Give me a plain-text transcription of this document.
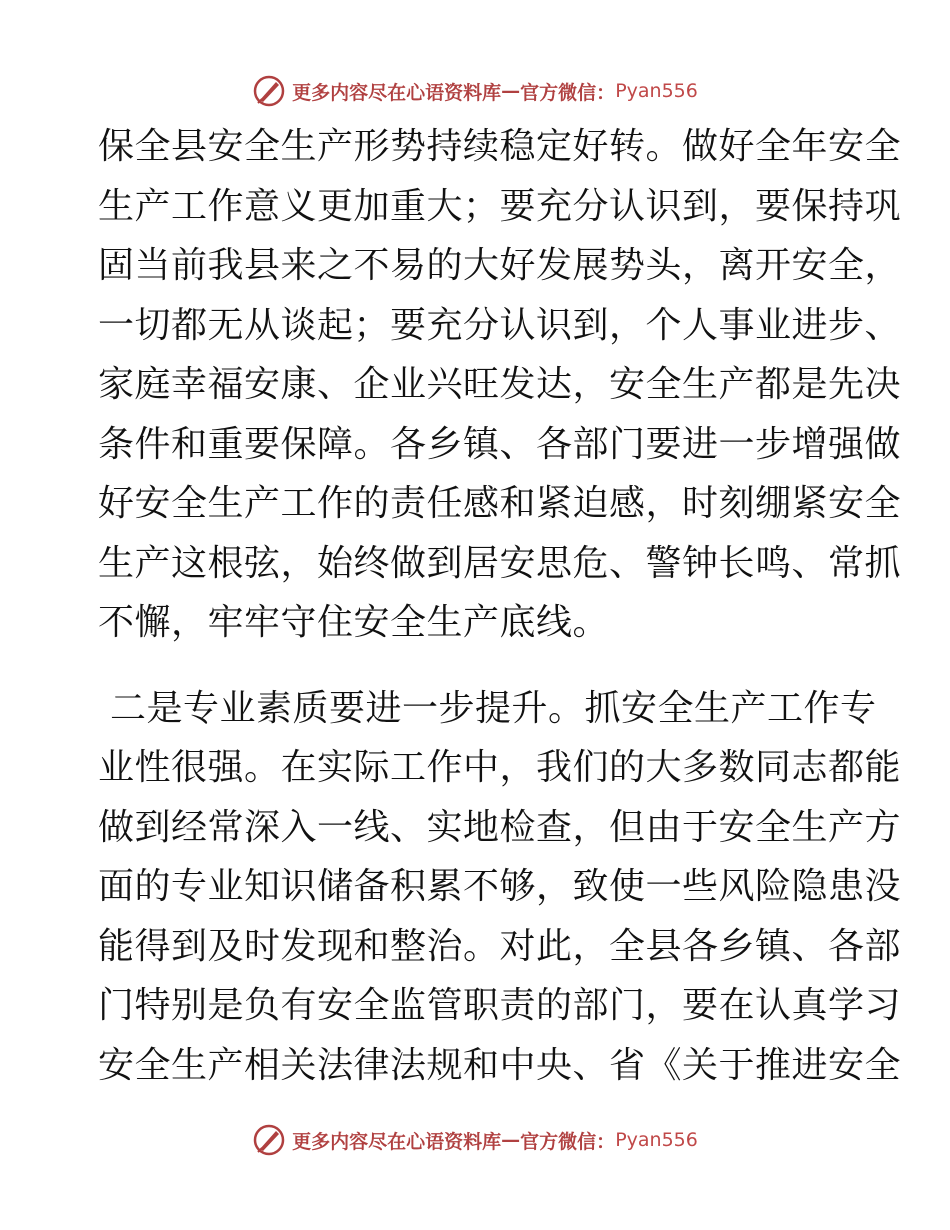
更多内容尽在心语资料库 — 官方微信： Pyan556
保全县安全生产形势持续稳定好转。做好全年安全
生产工作意义更加重大；要充分认识到，要保持巩
固当前我县来之不易的大好发展势头，离开安全，
一切都无从谈起；要充分认识到，个人事业进步、
家庭幸福安康、企业兴旺发达，安全生产都是先决
条件和重要保障。各乡镇、各部门要进一步增强做
好安全生产工作的责任感和紧迫感，时刻绷紧安全
生产这根弦，始终做到居安思危、警钟长鸣、常抓
不懈，牢牢守住安全生产底线。
二是专业素质要进一步提升。抓安全生产工作专
业性很强。在实际工作中，我们的大多数同志都能
做到经常深入一线、实地检查，但由于安全生产方
面的专业知识储备积累不够，致使一些风险隐患没
能得到及时发现和整治。对此，全县各乡镇、各部
门特别是负有安全监管职责的部门，要在认真学习
安全生产相关法律法规和中央、省《关于推进安全
更多内容尽在心语资料库 — 官方微信： Pyan556
